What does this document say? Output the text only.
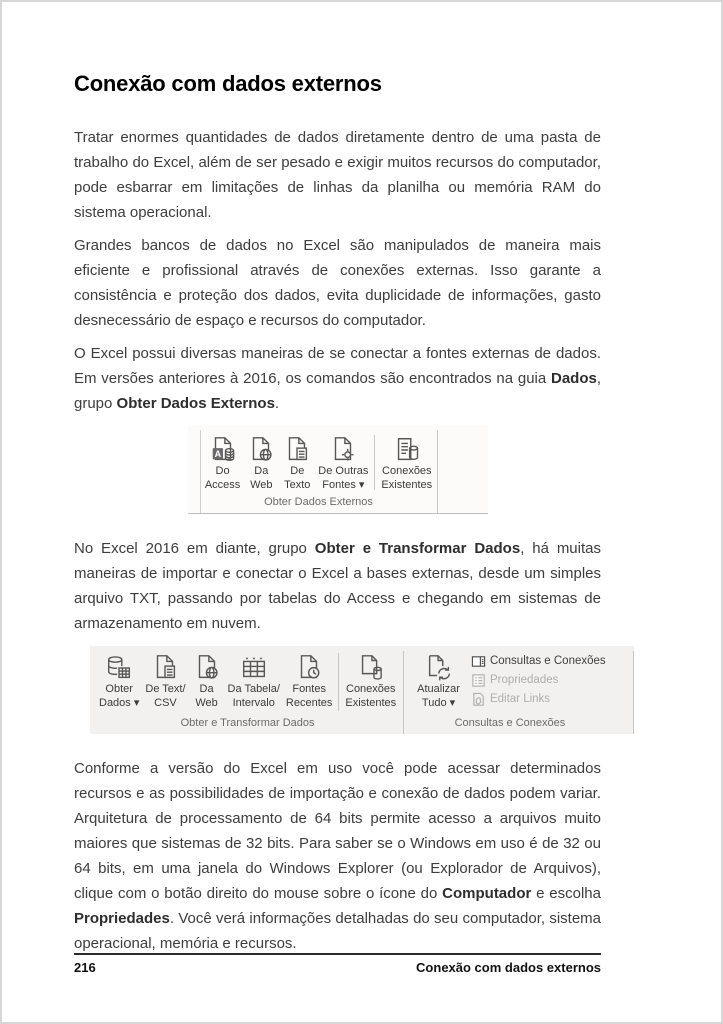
Conexão com dados externos

Tratar enormes quantidades de dados diretamente dentro de uma pasta de trabalho do Excel, além de ser pesado e exigir muitos recursos do computador, pode esbarrar em limitações de linhas da planilha ou memória RAM do sistema operacional.

Grandes bancos de dados no Excel são manipulados de maneira mais eficiente e profissional através de conexões externas. Isso garante a consistência e proteção dos dados, evita duplicidade de informações, gasto desnecessário de espaço e recursos do computador.

O Excel possui diversas maneiras de se conectar a fontes externas de dados. Em versões anteriores à 2016, os comandos são encontrados na guia Dados, grupo Obter Dados Externos.

A
Do
Access
Da
Web
De
Texto
De Outras
Fontes ▾
Conexões
Existentes
Obter Dados Externos

No Excel 2016 em diante, grupo Obter e Transformar Dados, há muitas maneiras de importar e conectar o Excel a bases externas, desde um simples arquivo TXT, passando por tabelas do Access e chegando em sistemas de armazenamento em nuvem.

Obter
Dados ▾
De Text/
CSV
Da
Web
Da Tabela/
Intervalo
Fontes
Recentes
Conexões
Existentes
Obter e Transformar Dados
Atualizar
Tudo ▾
Consultas e Conexões
Propriedades
Editar Links
Consultas e Conexões

Conforme a versão do Excel em uso você pode acessar determinados recursos e as possibilidades de importação e conexão de dados podem variar. Arquitetura de processamento de 64 bits permite acesso a arquivos muito maiores que sistemas de 32 bits. Para saber se o Windows em uso é de 32 ou 64 bits, em uma janela do Windows Explorer (ou Explorador de Arquivos), clique com o botão direito do mouse sobre o ícone do Computador e escolha Propriedades. Você verá informações detalhadas do seu computador, sistema operacional, memória e recursos.

216	Conexão com dados externos
